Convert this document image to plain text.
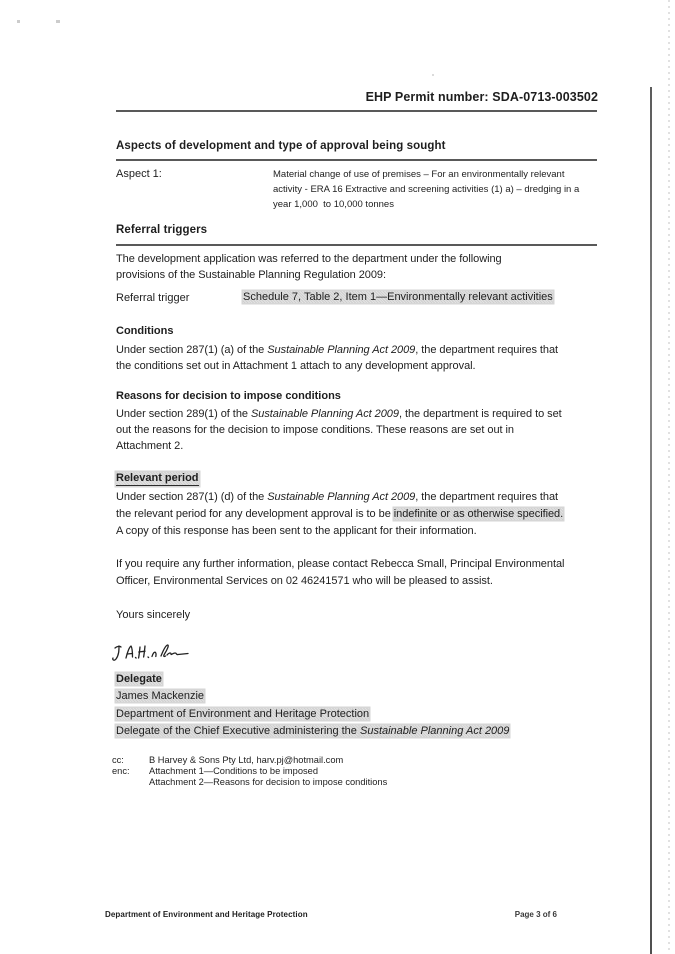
EHP Permit number: SDA-0713-003502
Aspects of development and type of approval being sought
Aspect 1:	Material change of use of premises – For an environmentally relevant
activity - ERA 16 Extractive and screening activities (1) a) – dredging in a
year 1,000  to 10,000 tonnes
Referral triggers
The development application was referred to the department under the following
provisions of the Sustainable Planning Regulation 2009:
Referral trigger	Schedule 7, Table 2, Item 1—Environmentally relevant activities
Conditions
Under section 287(1) (a) of the Sustainable Planning Act 2009, the department requires that
the conditions set out in Attachment 1 attach to any development approval.
Reasons for decision to impose conditions
Under section 289(1) of the Sustainable Planning Act 2009, the department is required to set
out the reasons for the decision to impose conditions. These reasons are set out in
Attachment 2.
Relevant period
Under section 287(1) (d) of the Sustainable Planning Act 2009, the department requires that
the relevant period for any development approval is to be indefinite or as otherwise specified.
A copy of this response has been sent to the applicant for their information.
If you require any further information, please contact Rebecca Small, Principal Environmental
Officer, Environmental Services on 02 46241571 who will be pleased to assist.
Yours sincerely
Delegate
James Mackenzie
Department of Environment and Heritage Protection
Delegate of the Chief Executive administering the Sustainable Planning Act 2009
cc:	B Harvey & Sons Pty Ltd, harv.pj@hotmail.com
enc:	Attachment 1—Conditions to be imposed
Attachment 2—Reasons for decision to impose conditions
Department of Environment and Heritage Protection	Page 3 of 6
